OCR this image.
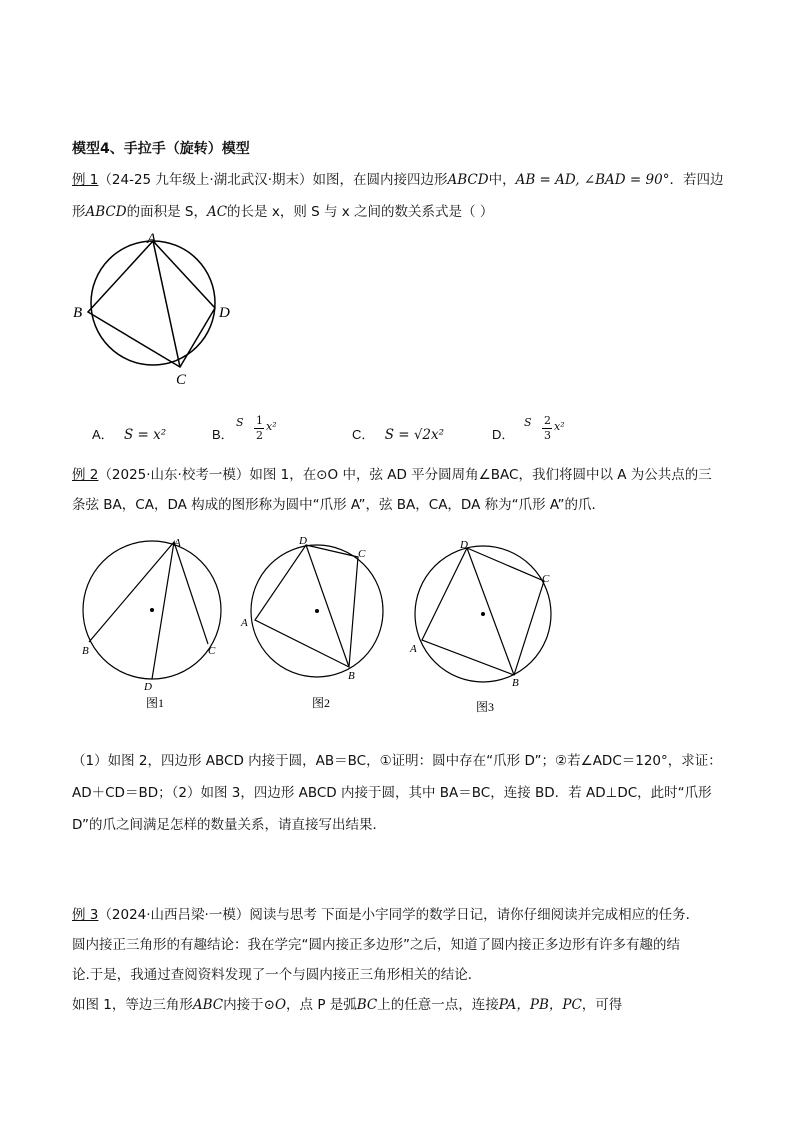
模型4、手拉手（旋转）模型
例 1（24-25 九年级上·湖北武汉·期末）如图，在圆内接四边形ABCD中，AB = AD, ∠BAD = 90°．若四边
形ABCD的面积是 S，AC的长是 x，则 S 与 x 之间的数关系式是（ ）
A
B
C
D
A． S = x²	B．
S 1
2
x²
C． S = √2x²	D．
S 2
3
x²
例 2（2025·山东·校考一模）如图 1，在⊙O 中，弦 AD 平分圆周角∠BAC，我们将圆中以 A 为公共点的三
条弦 BA，CA，DA 构成的图形称为圆中“爪形 A”，弦 BA，CA，DA 称为“爪形 A”的爪．
A
B	C
D
图1
D
C
A
B
图2
D
C
A
B
图3
（1）如图 2，四边形 ABCD 内接于圆，AB＝BC，①证明：圆中存在“爪形 D”；②若∠ADC＝120°，求证：
AD＋CD＝BD；（2）如图 3，四边形 ABCD 内接于圆，其中 BA＝BC，连接 BD．若 AD⊥DC，此时“爪形
D”的爪之间满足怎样的数量关系，请直接写出结果．
例 3（2024·山西吕梁·一模）阅读与思考 下面是小宇同学的数学日记，请你仔细阅读并完成相应的任务．
圆内接正三角形的有趣结论：我在学完“圆内接正多边形”之后，知道了圆内接正多边形有许多有趣的结
论.于是，我通过查阅资料发现了一个与圆内接正三角形相关的结论．
如图 1，等边三角形ABC内接于⊙O，点 P 是弧BC上的任意一点，连接PA，PB，PC，可得
